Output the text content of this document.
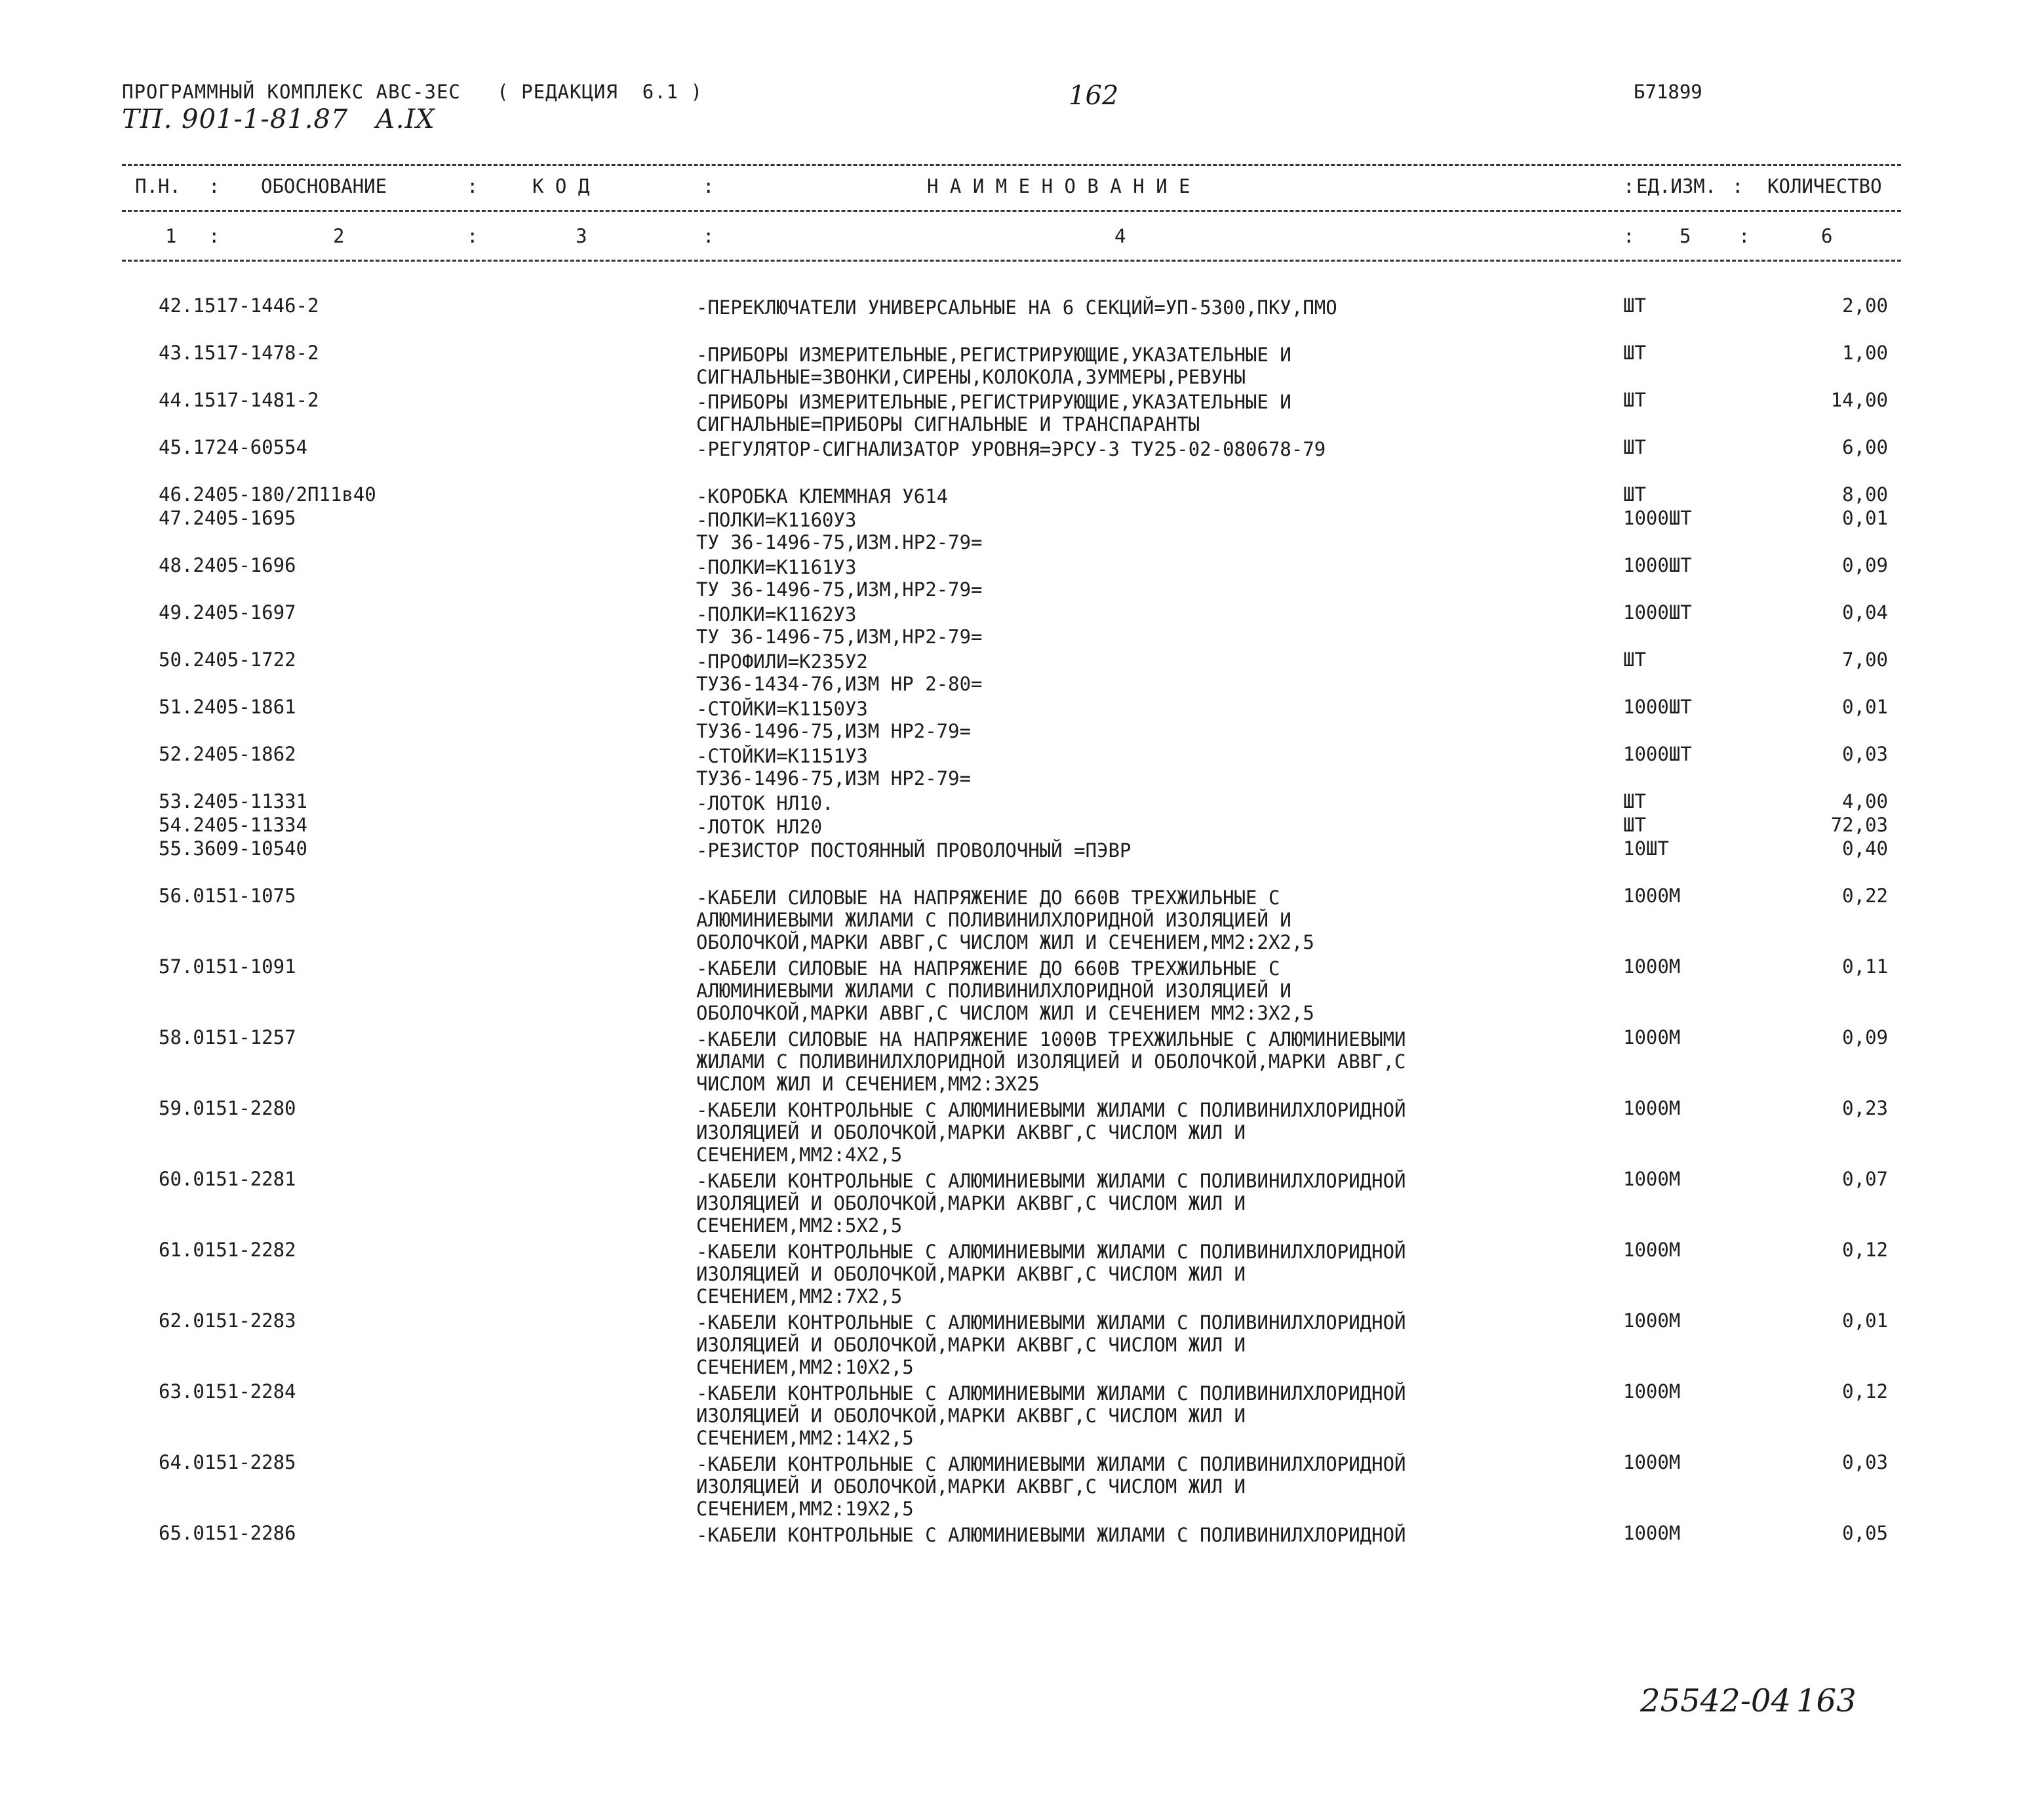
ПРОГРАММНЫЙ КОМПЛЕКС АВС-3ЕС   ( РЕДАКЦИЯ  6.1 )
ТП. 901-1-81.87   А.IX
162	Б71899
П.Н. : ОБОСНОВАНИЕ	:	К О Д	:	Н А И М Е Н О В А Н И Е	: ЕД.ИЗМ. : КОЛИЧЕСТВО
1 :	2	:	3	:	4	: 5	:	6
42.1517-1446-2	-ПЕРЕКЛЮЧАТЕЛИ УНИВЕРСАЛЬНЫЕ НА 6 СЕКЦИЙ=УП-5300,ПКУ,ПМО	ШТ	2,00
43.1517-1478-2	-ПРИБОРЫ ИЗМЕРИТЕЛЬНЫЕ,РЕГИСТРИРУЮЩИЕ,УКАЗАТЕЛЬНЫЕ И
СИГНАЛЬНЫЕ=ЗВОНКИ,СИРЕНЫ,КОЛОКОЛА,ЗУММЕРЫ,РЕВУНЫ
ШТ	1,00
44.1517-1481-2	-ПРИБОРЫ ИЗМЕРИТЕЛЬНЫЕ,РЕГИСТРИРУЮЩИЕ,УКАЗАТЕЛЬНЫЕ И
СИГНАЛЬНЫЕ=ПРИБОРЫ СИГНАЛЬНЫЕ И ТРАНСПАРАНТЫ
ШТ	14,00
45.1724-60554	-РЕГУЛЯТОР-СИГНАЛИЗАТОР УРОВНЯ=ЭРСУ-3 ТУ25-02-080678-79	ШТ	6,00
46.2405-180/2П11в40	-КОРОБКА КЛЕММНАЯ У614	ШТ	8,00
47.2405-1695	-ПОЛКИ=К1160У3
ТУ 36-1496-75,ИЗМ.НР2-79=
1000ШТ	0,01
48.2405-1696	-ПОЛКИ=К1161У3
ТУ 36-1496-75,ИЗМ,НР2-79=
1000ШТ	0,09
49.2405-1697	-ПОЛКИ=К1162У3
ТУ 36-1496-75,ИЗМ,НР2-79=
1000ШТ	0,04
50.2405-1722	-ПРОФИЛИ=К235У2
ТУ36-1434-76,ИЗМ НР 2-80=
ШТ	7,00
51.2405-1861	-СТОЙКИ=К1150У3
ТУ36-1496-75,ИЗМ НР2-79=
1000ШТ	0,01
52.2405-1862	-СТОЙКИ=К1151У3
ТУ36-1496-75,ИЗМ НР2-79=
1000ШТ	0,03
53.2405-11331	-ЛОТОК НЛ10.	ШТ	4,00
54.2405-11334	-ЛОТОК НЛ20	ШТ	72,03
55.3609-10540	-РЕЗИСТОР ПОСТОЯННЫЙ ПРОВОЛОЧНЫЙ =ПЭВР	10ШТ	0,40
56.0151-1075	-КАБЕЛИ СИЛОВЫЕ НА НАПРЯЖЕНИЕ ДО 660В ТРЕХЖИЛЬНЫЕ С
АЛЮМИНИЕВЫМИ ЖИЛАМИ С ПОЛИВИНИЛХЛОРИДНОЙ ИЗОЛЯЦИЕЙ И
ОБОЛОЧКОЙ,МАРКИ АВВГ,С ЧИСЛОМ ЖИЛ И СЕЧЕНИЕМ,ММ2:2Х2,5
1000М	0,22
57.0151-1091	-КАБЕЛИ СИЛОВЫЕ НА НАПРЯЖЕНИЕ ДО 660В ТРЕХЖИЛЬНЫЕ С
АЛЮМИНИЕВЫМИ ЖИЛАМИ С ПОЛИВИНИЛХЛОРИДНОЙ ИЗОЛЯЦИЕЙ И
ОБОЛОЧКОЙ,МАРКИ АВВГ,С ЧИСЛОМ ЖИЛ И СЕЧЕНИЕМ ММ2:3Х2,5
1000М	0,11
58.0151-1257	-КАБЕЛИ СИЛОВЫЕ НА НАПРЯЖЕНИЕ 1000В ТРЕХЖИЛЬНЫЕ С АЛЮМИНИЕВЫМИ
ЖИЛАМИ С ПОЛИВИНИЛХЛОРИДНОЙ ИЗОЛЯЦИЕЙ И ОБОЛОЧКОЙ,МАРКИ АВВГ,С
ЧИСЛОМ ЖИЛ И СЕЧЕНИЕМ,ММ2:3Х25
1000М	0,09
59.0151-2280	-КАБЕЛИ КОНТРОЛЬНЫЕ С АЛЮМИНИЕВЫМИ ЖИЛАМИ С ПОЛИВИНИЛХЛОРИДНОЙ
ИЗОЛЯЦИЕЙ И ОБОЛОЧКОЙ,МАРКИ АКВВГ,С ЧИСЛОМ ЖИЛ И
СЕЧЕНИЕМ,ММ2:4Х2,5
1000М	0,23
60.0151-2281	-КАБЕЛИ КОНТРОЛЬНЫЕ С АЛЮМИНИЕВЫМИ ЖИЛАМИ С ПОЛИВИНИЛХЛОРИДНОЙ
ИЗОЛЯЦИЕЙ И ОБОЛОЧКОЙ,МАРКИ АКВВГ,С ЧИСЛОМ ЖИЛ И
СЕЧЕНИЕМ,ММ2:5Х2,5
1000М	0,07
61.0151-2282	-КАБЕЛИ КОНТРОЛЬНЫЕ С АЛЮМИНИЕВЫМИ ЖИЛАМИ С ПОЛИВИНИЛХЛОРИДНОЙ
ИЗОЛЯЦИЕЙ И ОБОЛОЧКОЙ,МАРКИ АКВВГ,С ЧИСЛОМ ЖИЛ И
СЕЧЕНИЕМ,ММ2:7Х2,5
1000М	0,12
62.0151-2283	-КАБЕЛИ КОНТРОЛЬНЫЕ С АЛЮМИНИЕВЫМИ ЖИЛАМИ С ПОЛИВИНИЛХЛОРИДНОЙ
ИЗОЛЯЦИЕЙ И ОБОЛОЧКОЙ,МАРКИ АКВВГ,С ЧИСЛОМ ЖИЛ И
СЕЧЕНИЕМ,ММ2:10Х2,5
1000М	0,01
63.0151-2284	-КАБЕЛИ КОНТРОЛЬНЫЕ С АЛЮМИНИЕВЫМИ ЖИЛАМИ С ПОЛИВИНИЛХЛОРИДНОЙ
ИЗОЛЯЦИЕЙ И ОБОЛОЧКОЙ,МАРКИ АКВВГ,С ЧИСЛОМ ЖИЛ И
СЕЧЕНИЕМ,ММ2:14Х2,5
1000М	0,12
64.0151-2285	-КАБЕЛИ КОНТРОЛЬНЫЕ С АЛЮМИНИЕВЫМИ ЖИЛАМИ С ПОЛИВИНИЛХЛОРИДНОЙ
ИЗОЛЯЦИЕЙ И ОБОЛОЧКОЙ,МАРКИ АКВВГ,С ЧИСЛОМ ЖИЛ И
СЕЧЕНИЕМ,ММ2:19Х2,5
1000М	0,03
65.0151-2286	-КАБЕЛИ КОНТРОЛЬНЫЕ С АЛЮМИНИЕВЫМИ ЖИЛАМИ С ПОЛИВИНИЛХЛОРИДНОЙ	1000М	0,05
25542-04 163
